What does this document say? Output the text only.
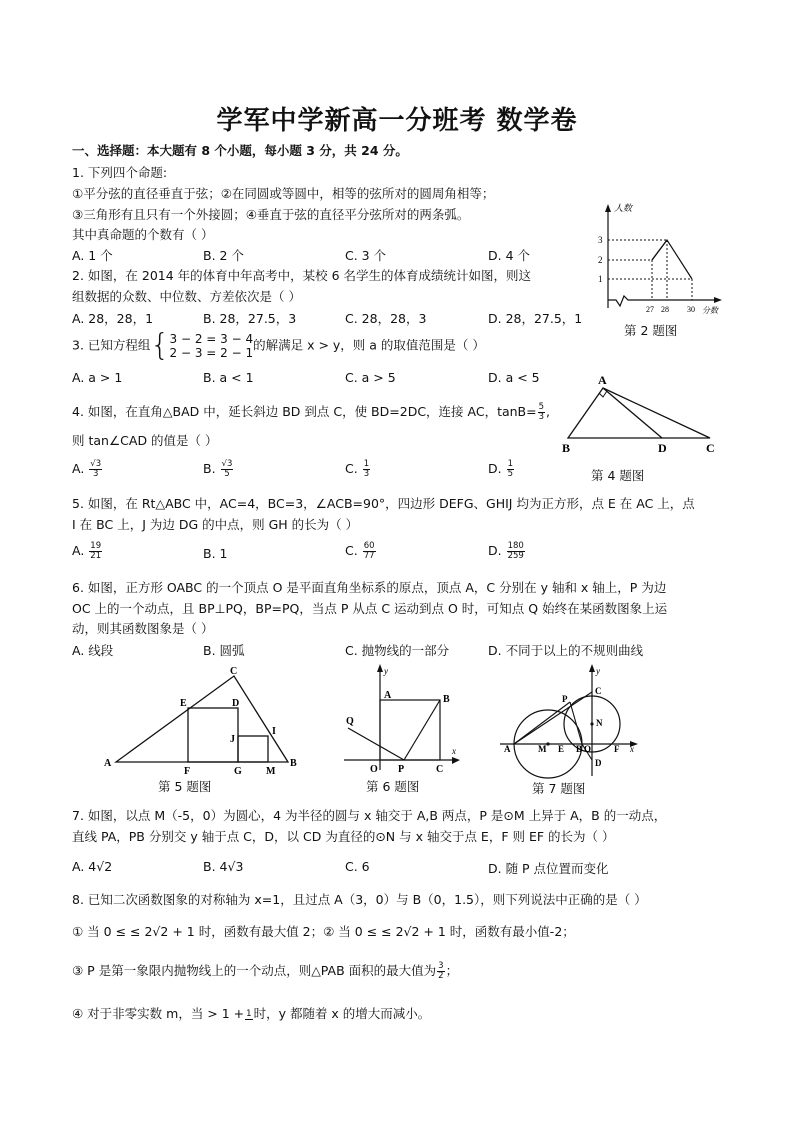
学军中学新高一分班考 数学卷
一、选择题：本大题有 8 个小题，每小题 3 分，共 24 分。
1. 下列四个命题:
①平分弦的直径垂直于弦；②在同圆或等圆中，相等的弦所对的圆周角相等；
③三角形有且只有一个外接圆；④垂直于弦的直径平分弦所对的两条弧。
其中真命题的个数有（ ）
A. 1 个	B. 2 个	C. 3 个	D. 4 个
人数
分数
1
2
3
27 28 30
第 2 题图
2. 如图，在 2014 年的体育中年高考中，某校 6 名学生的体育成绩统计如图，则这
组数据的众数、中位数、方差依次是（ ）
A. 28，28，1	B. 28，27.5，3	C. 28，28，3	D. 28，27.5，1
3. 已知方程组{ 3 − 2 = 3 − 4
2 − 3 = 2 − 1
的解满足 x > y，则 a 的取值范围是（ ）
A. a > 1	B. a < 1	C. a > 5	D. a < 5	A
B	D	C
第 4 题图
4. 如图，在直角△BAD 中，延长斜边 BD 到点 C，使 BD=2DC，连接 AC，$\tan B= \frac{5}{3}$ ,
则 tan∠CAD 的值是（ ）
A. $\frac{√3}{3}$	B. $\frac{√3}{5}$	C. $\frac{1}{3}$	D. $\frac{1}{5}$
5. 如图，在 Rt△ABC 中，AC=4，BC=3，∠ACB=90°，四边形 DEFG、GHIJ 均为正方形，点 E 在 AC 上，点
I 在 BC 上，J 为边 DG 的中点，则 GH 的长为（ ）
A. $\frac{19}{21}$	B. 1	C. $\frac{60}{77}$	D. $\frac{180}{259}$
6. 如图，正方形 OABC 的一个顶点 O 是平面直角坐标系的原点，顶点 A，C 分别在 y 轴和 x 轴上，P 为边
OC 上的一个动点，且 BP⊥PQ，BP=PQ，当点 P 从点 C 运动到点 O 时，可知点 Q 始终在某函数图象上运
动，则其函数图象是（ ）
A. 线段	B. 圆弧	C. 抛物线的一部分	D. 不同于以上的不规则曲线
C
E	D
J
I
A
F	G M
B
第 5 题图
y
x
A	B
Q
O P	C
第 6 题图
y
x
A	M E B O	F
P
C
N
D
第 7 题图
7. 如图，以点 M（-5，0）为圆心，4 为半径的圆与 x 轴交于 A,B 两点，P 是⊙M 上异于 A，B 的一动点，
直线 PA，PB 分别交 y 轴于点 C，D，以 CD 为直径的⊙N 与 x 轴交于点 E，F 则 EF 的长为（ ）
A. 4√2	B. 4√3	C. 6	D. 随 P 点位置而变化
8. 已知二次函数图象的对称轴为 x=1，且过点 A（3，0）与 B（0，1.5），则下列说法中正确的是（ ）
① 当 0 ≤ ≤ 2√2 + 1 时，函数有最大值 2；② 当 0 ≤ ≤ 2√2 + 1 时，函数有最小值-2；
③ P 是第一象限内抛物线上的一个动点，则△PAB 面积的最大值为 $\frac{3}{2}$ ；
④ 对于非零实数 m，当 > 1 + 1 时，y 都随着 x 的增大而减小。
